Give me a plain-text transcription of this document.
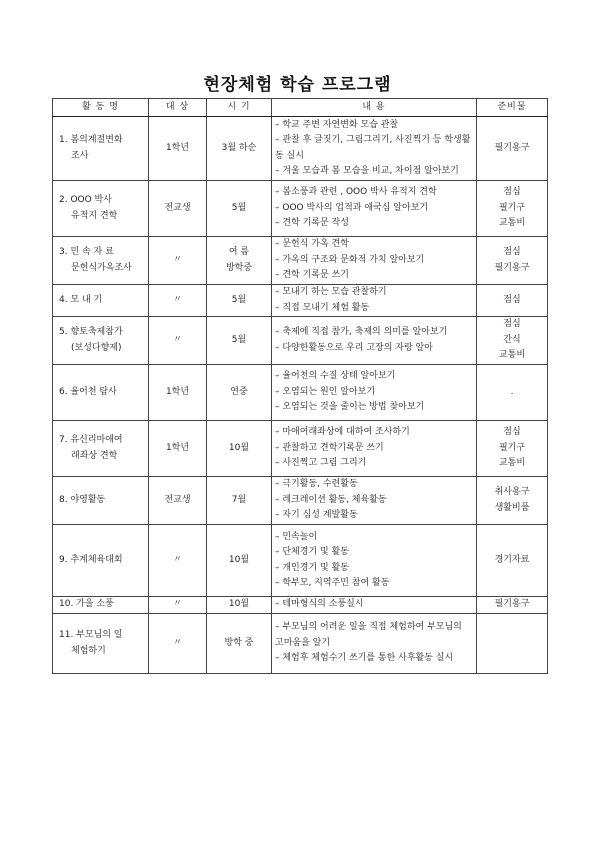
현장체험 학습 프로그램
활 동 명	대 상	시 기	내 용	준비물

1. 봄의계절변화
조사	1학년	3월 하순	– 학교 주변 자연변화 모습 관찰
– 관찰 후 글짓기, 그림그리기, 사진찍기 등 학생활동 실시
– 겨울 모습과 봄 모습을 비교, 차이점 알아보기	필기용구

2. OOO 박사
유적지 견학	전교생	5월	– 봄소풍과 관련 , OOO 박사 유적지 견학
– OOO 박사의 업적과 애국심 알아보기
– 견학 기록문 작성	점심
필기구
교통비

3. 민 속 자 료
문헌식가옥조사	〃	여 름
방학중	– 문헌식 가옥 견학
– 가옥의 구조와 문화적 가치 알아보기
– 견학 기록문 쓰기	점심
필기용구

4. 모 내 기	〃	5월	– 모내기 하는 모습 관찰하기
– 직접 모내기 체험 활동	점심

5. 향토축제참가
(보성다향제)	〃	5월	– 축제에 직접 참가, 축제의 의미를 알아보기
– 다양한활동으로 우리 고장의 자랑 알아	점심
간식
교통비

6. 율어천 탐사	1학년	연중	– 율어천의 수질 상태 알아보기
– 오염되는 원인 알아보기
– 오염되는 것을 줄이는 방법 찾아보기	.

7. 유신리마애여
래좌상 견학	1학년	10월	– 마애여래좌상에 대하여 조사하기
– 관찰하고 견학기록문 쓰기
– 사진찍고 그림 그리기	점심
필기구
교통비

8. 야영활동	전교생	7월	– 극기활동, 수련활동
– 레크레이션 활동, 체육활동
– 자기 심성 계발활동	취사용구
생활비품

9. 추계체육대회	〃	10월	– 민속놀이
– 단체경기 및 활동
– 개인경기 및 활동
– 학부모, 지역주민 참여 활동	경기자료

10. 가을 소풍	〃	10월	– 테마형식의 소풍실시	필기용구

11. 부모님의 일
체험하기	〃	방학 중	– 부모님의 어려운 일을 직접 체험하여 부모님의 고마움을 알기
– 체험후 체험수기 쓰기를 통한 사후활동 실시	
